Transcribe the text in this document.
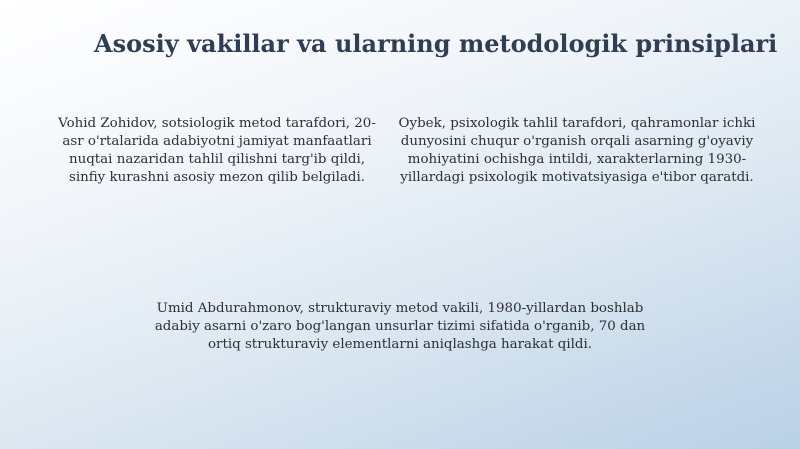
Asosiy vakillar va ularning metodologik prinsiplari

Vohid Zohidov, sotsiologik metod tarafdori, 20-asr o'rtalarida adabiyotni jamiyat manfaatlari nuqtai nazaridan tahlil qilishni targ'ib qildi, sinfiy kurashni asosiy mezon qilib belgiladi.

Oybek, psixologik tahlil tarafdori, qahramonlar ichki dunyosini chuqur o'rganish orqali asarning g'oyaviy mohiyatini ochishga intildi, xarakterlarning 1930-yillardagi psixologik motivatsiyasiga e'tibor qaratdi.

Umid Abdurahmonov, strukturaviy metod vakili, 1980-yillardan boshlab adabiy asarni o'zaro bog'langan unsurlar tizimi sifatida o'rganib, 70 dan ortiq strukturaviy elementlarni aniqlashga harakat qildi.
